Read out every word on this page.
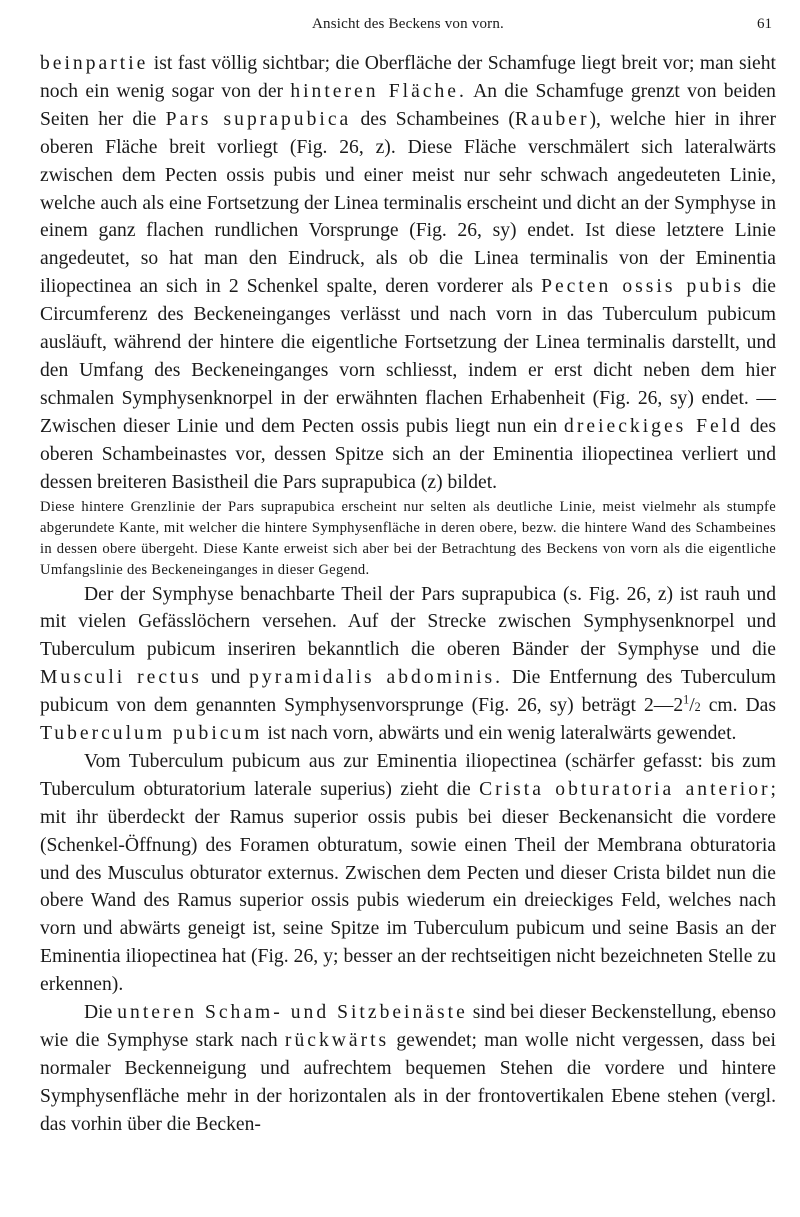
Ansicht des Beckens von vorn.	61

beinpartie ist fast völlig sichtbar; die Oberfläche der Schamfuge liegt breit vor; man sieht noch ein wenig sogar von der hinteren Fläche. An die Schamfuge grenzt von beiden Seiten her die Pars suprapubica des Schambeines (Rauber), welche hier in ihrer oberen Fläche breit vorliegt (Fig. 26, z). Diese Fläche verschmälert sich lateralwärts zwischen dem Pecten ossis pubis und einer meist nur sehr schwach angedeuteten Linie, welche auch als eine Fortsetzung der Linea terminalis erscheint und dicht an der Symphyse in einem ganz flachen rundlichen Vorsprunge (Fig. 26, sy) endet. Ist diese letztere Linie angedeutet, so hat man den Eindruck, als ob die Linea terminalis von der Eminentia iliopectinea an sich in 2 Schenkel spalte, deren vorderer als Pecten ossis pubis die Circumferenz des Beckeneinganges verlässt und nach vorn in das Tuberculum pubicum ausläuft, während der hintere die eigentliche Fortsetzung der Linea terminalis darstellt, und den Umfang des Beckeneinganges vorn schliesst, indem er erst dicht neben dem hier schmalen Symphysenknorpel in der erwähnten flachen Erhabenheit (Fig. 26, sy) endet. — Zwischen dieser Linie und dem Pecten ossis pubis liegt nun ein dreieckiges Feld des oberen Schambeinastes vor, dessen Spitze sich an der Eminentia iliopectinea verliert und dessen breiteren Basistheil die Pars suprapubica (z) bildet.

Diese hintere Grenzlinie der Pars suprapubica erscheint nur selten als deutliche Linie, meist vielmehr als stumpfe abgerundete Kante, mit welcher die hintere Symphysenfläche in deren obere, bezw. die hintere Wand des Schambeines in dessen obere übergeht. Diese Kante erweist sich aber bei der Betrachtung des Beckens von vorn als die eigentliche Umfangslinie des Beckeneinganges in dieser Gegend.

Der der Symphyse benachbarte Theil der Pars suprapubica (s. Fig. 26, z) ist rauh und mit vielen Gefässlöchern versehen. Auf der Strecke zwischen Symphysenknorpel und Tuberculum pubicum inseriren bekanntlich die oberen Bänder der Symphyse und die Musculi rectus und pyramidalis abdominis. Die Entfernung des Tuberculum pubicum von dem genannten Symphysenvorsprunge (Fig. 26, sy) beträgt $2—2^1/2$ cm. Das Tuberculum pubicum ist nach vorn, abwärts und ein wenig lateralwärts gewendet.

Vom Tuberculum pubicum aus zur Eminentia iliopectinea (schärfer gefasst: bis zum Tuberculum obturatorium laterale superius) zieht die Crista obturatoria anterior; mit ihr überdeckt der Ramus superior ossis pubis bei dieser Beckenansicht die vordere (Schenkel-Öffnung) des Foramen obturatum, sowie einen Theil der Membrana obturatoria und des Musculus obturator externus. Zwischen dem Pecten und dieser Crista bildet nun die obere Wand des Ramus superior ossis pubis wiederum ein dreieckiges Feld, welches nach vorn und abwärts geneigt ist, seine Spitze im Tuberculum pubicum und seine Basis an der Eminentia iliopectinea hat (Fig. 26, y; besser an der rechtseitigen nicht bezeichneten Stelle zu erkennen).

Die unteren Scham- und Sitzbeinäste sind bei dieser Beckenstellung, ebenso wie die Symphyse stark nach rückwärts gewendet; man wolle nicht vergessen, dass bei normaler Beckenneigung und aufrechtem bequemen Stehen die vordere und hintere Symphysenfläche mehr in der horizontalen als in der frontovertikalen Ebene stehen (vergl. das vorhin über die Becken-
